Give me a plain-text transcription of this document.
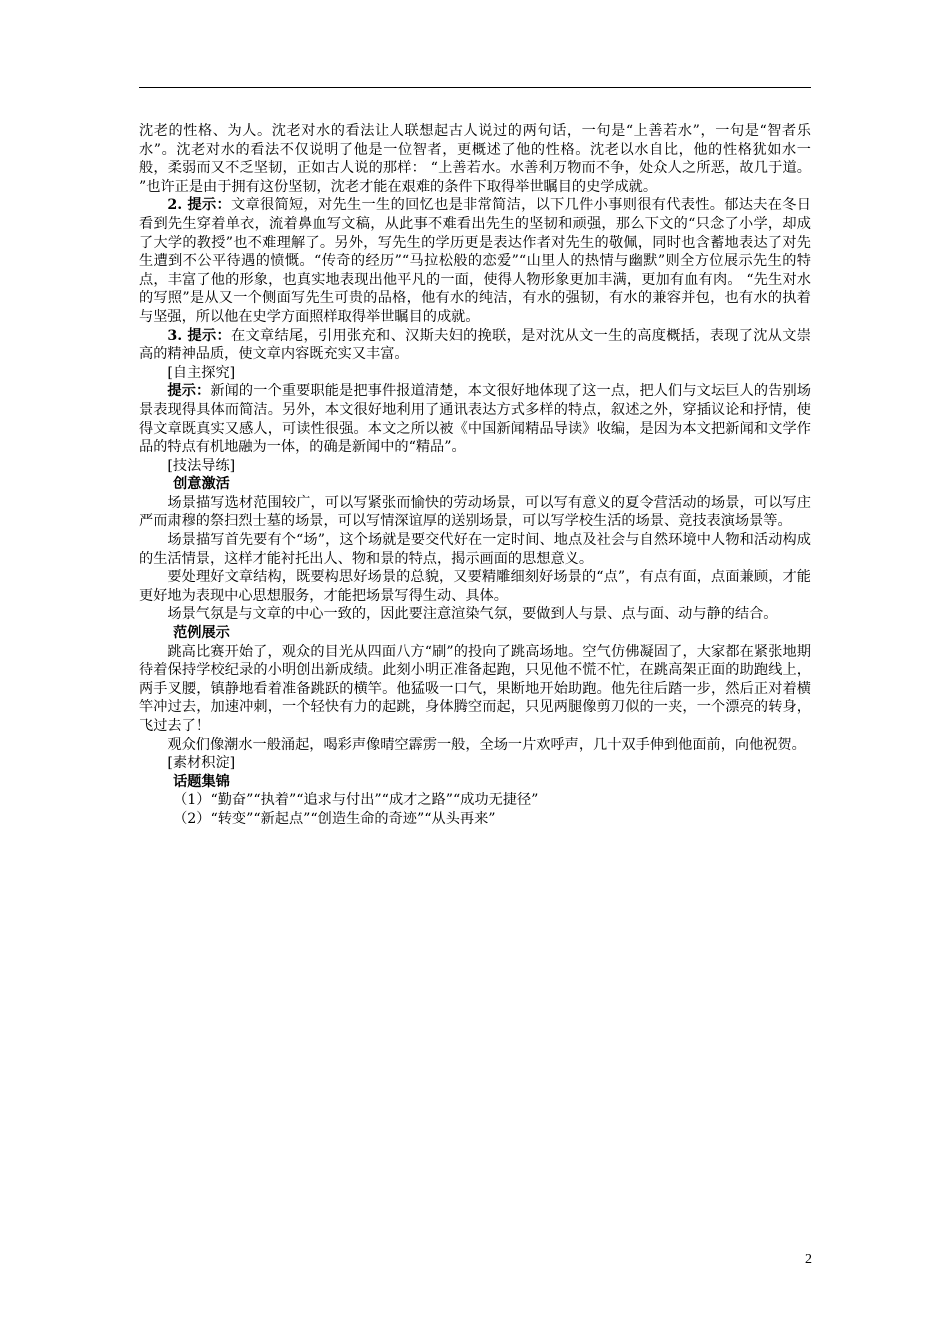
沈老的性格、为人。沈老对水的看法让人联想起古人说过的两句话，一句是“上善若水”，一句是“智者乐水”。沈老对水的看法不仅说明了他是一位智者，更概述了他的性格。沈老以水自比，他的性格犹如水一般，柔弱而又不乏坚韧，正如古人说的那样： “上善若水。水善利万物而不争，处众人之所恶，故几于道。 ”也许正是由于拥有这份坚韧，沈老才能在艰难的条件下取得举世瞩目的史学成就。

2. 提示：文章很简短，对先生一生的回忆也是非常简洁，以下几件小事则很有代表性。郁达夫在冬日看到先生穿着单衣，流着鼻血写文稿，从此事不难看出先生的坚韧和顽强，那么下文的“只念了小学，却成了大学的教授”也不难理解了。另外，写先生的学历更是表达作者对先生的敬佩，同时也含蓄地表达了对先生遭到不公平待遇的愤慨。“传奇的经历”“马拉松般的恋爱”“山里人的热情与幽默”则全方位展示先生的特点，丰富了他的形象，也真实地表现出他平凡的一面，使得人物形象更加丰满，更加有血有肉。 “先生对水的写照”是从又一个侧面写先生可贵的品格，他有水的纯洁，有水的强韧，有水的兼容并包，也有水的执着与坚强，所以他在史学方面照样取得举世瞩目的成就。

3. 提示：在文章结尾，引用张充和、汉斯夫妇的挽联，是对沈从文一生的高度概括，表现了沈从文崇高的精神品质，使文章内容既充实又丰富。

[自主探究]

提示：新闻的一个重要职能是把事件报道清楚，本文很好地体现了这一点，把人们与文坛巨人的告别场景表现得具体而简洁。另外，本文很好地利用了通讯表达方式多样的特点，叙述之外，穿插议论和抒情，使得文章既真实又感人，可读性很强。本文之所以被《中国新闻精品导读》收编，是因为本文把新闻和文学作品的特点有机地融为一体，的确是新闻中的“精品”。

[技法导练]

创意激活

场景描写选材范围较广，可以写紧张而愉快的劳动场景，可以写有意义的夏令营活动的场景，可以写庄严而肃穆的祭扫烈士墓的场景，可以写情深谊厚的送别场景，可以写学校生活的场景、竞技表演场景等。

场景描写首先要有个“场”，这个场就是要交代好在一定时间、地点及社会与自然环境中人物和活动构成的生活情景，这样才能衬托出人、物和景的特点，揭示画面的思想意义。

要处理好文章结构，既要构思好场景的总貌，又要精雕细刻好场景的“点”，有点有面，点面兼顾，才能更好地为表现中心思想服务，才能把场景写得生动、具体。

场景气氛是与文章的中心一致的，因此要注意渲染气氛，要做到人与景、点与面、动与静的结合。

范例展示

跳高比赛开始了，观众的目光从四面八方“刷”的投向了跳高场地。空气仿佛凝固了，大家都在紧张地期待着保持学校纪录的小明创出新成绩。此刻小明正准备起跑，只见他不慌不忙，在跳高架正面的助跑线上，两手叉腰，镇静地看着准备跳跃的横竿。他猛吸一口气，果断地开始助跑。他先往后踏一步，然后正对着横竿冲过去，加速冲刺，一个轻快有力的起跳，身体腾空而起，只见两腿像剪刀似的一夹，一个漂亮的转身，飞过去了！

观众们像潮水一般涌起，喝彩声像晴空霹雳一般，全场一片欢呼声，几十双手伸到他面前，向他祝贺。

[素材积淀]

话题集锦

（1）“勤奋”“执着”“追求与付出”“成才之路”“成功无捷径”

（2）“转变”“新起点”“创造生命的奇迹”“从头再来”

2
